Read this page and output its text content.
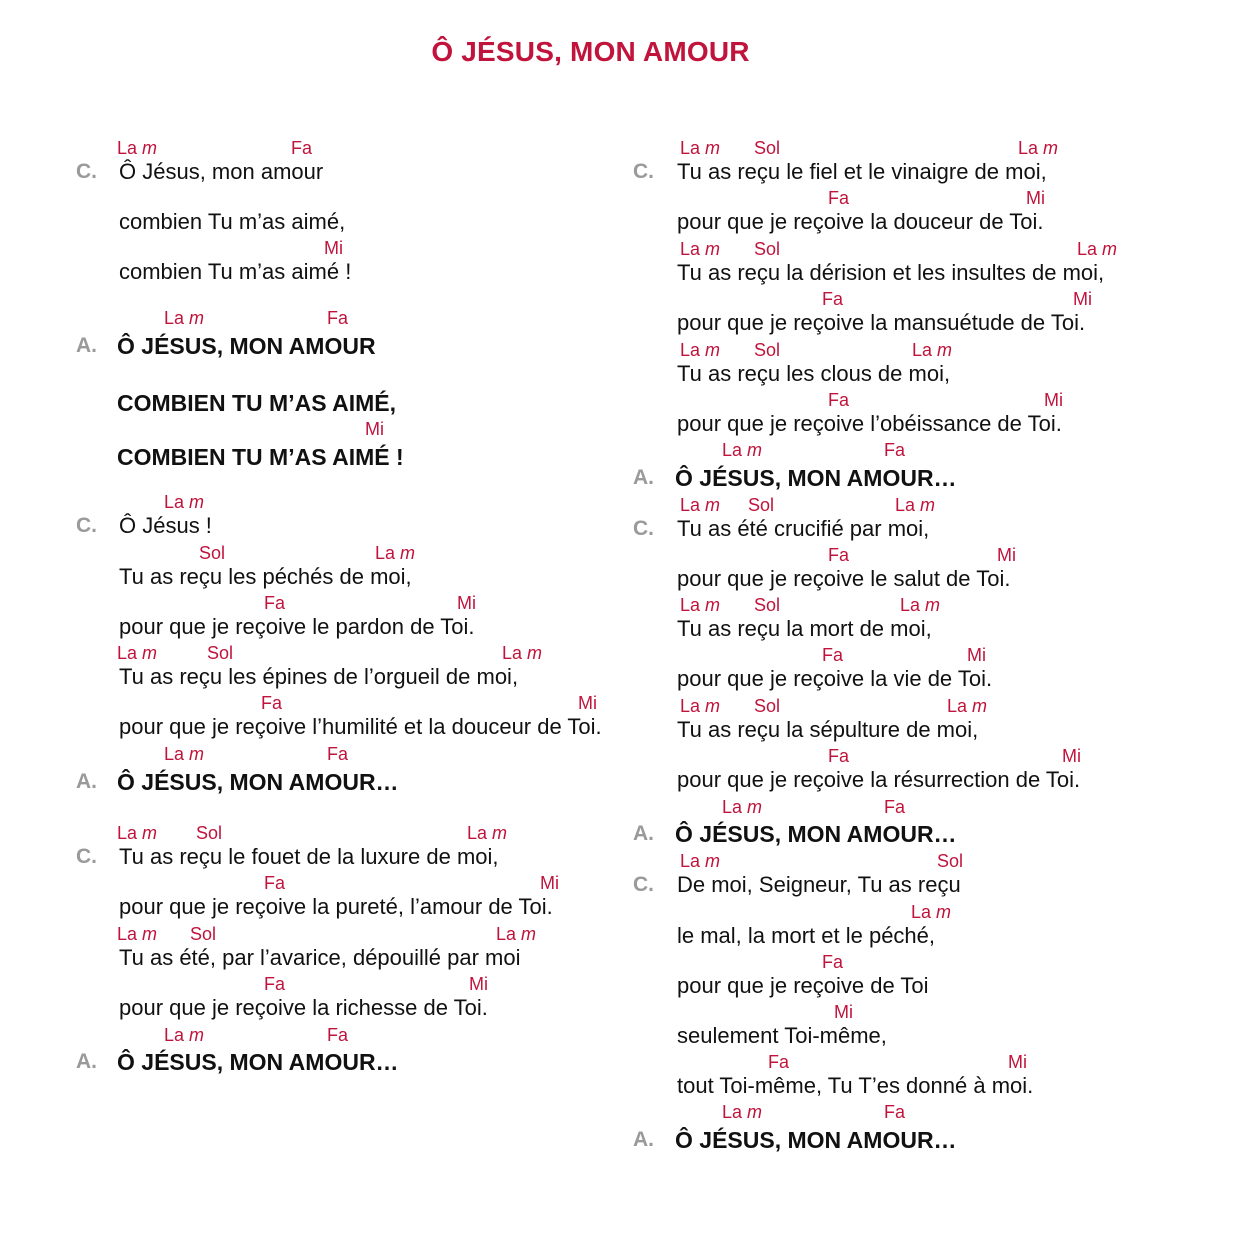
Ô JÉSUS, MON AMOUR
C.
A.
C.
A.
C.
A.
La m	Fa
Ô Jésus, mon amour
combien Tu m’as aimé,
Mi
combien Tu m’as aimé !
La m	Fa
Ô JÉSUS, MON AMOUR
COMBIEN TU M’AS AIMÉ,
Mi
COMBIEN TU M’AS AIMÉ !
La m
Ô Jésus !
Sol	La m
Tu as reçu les péchés de moi,
Fa	Mi
pour que je reçoive le pardon de Toi.
La m	Sol	La m
Tu as reçu les épines de l’orgueil de moi,
Fa	Mi
pour que je reçoive l’humilité et la douceur de Toi.
La m	Fa
Ô JÉSUS, MON AMOUR…
La m Sol	La m
Tu as reçu le fouet de la luxure de moi,
Fa	Mi
pour que je reçoive la pureté, l’amour de Toi.
La m Sol	La m
Tu as été, par l’avarice, dépouillé par moi
Fa	Mi
pour que je reçoive la richesse de Toi.
La m	Fa
Ô JÉSUS, MON AMOUR…
C.
A.
C.
A.
C.
A.
La m Sol	La m
Tu as reçu le fiel et le vinaigre de moi,
Fa	Mi
pour que je reçoive la douceur de Toi.
La m Sol	La m
Tu as reçu la dérision et les insultes de moi,
Fa	Mi
pour que je reçoive la mansuétude de Toi.
La m Sol	La m
Tu as reçu les clous de moi,
Fa	Mi
pour que je reçoive l’obéissance de Toi.
La m	Fa
Ô JÉSUS, MON AMOUR…
La m Sol	La m
Tu as été crucifié par moi,
Fa	Mi
pour que je reçoive le salut de Toi.
La m Sol	La m
Tu as reçu la mort de moi,
Fa	Mi
pour que je reçoive la vie de Toi.
La m Sol	La m
Tu as reçu la sépulture de moi,
Fa	Mi
pour que je reçoive la résurrection de Toi.
La m	Fa
Ô JÉSUS, MON AMOUR…
La m	Sol
De moi, Seigneur, Tu as reçu
La m
le mal, la mort et le péché,
Fa
pour que je reçoive de Toi
Mi
seulement Toi-même,
Fa	Mi
tout Toi-même, Tu T’es donné à moi.
La m	Fa
Ô JÉSUS, MON AMOUR…
